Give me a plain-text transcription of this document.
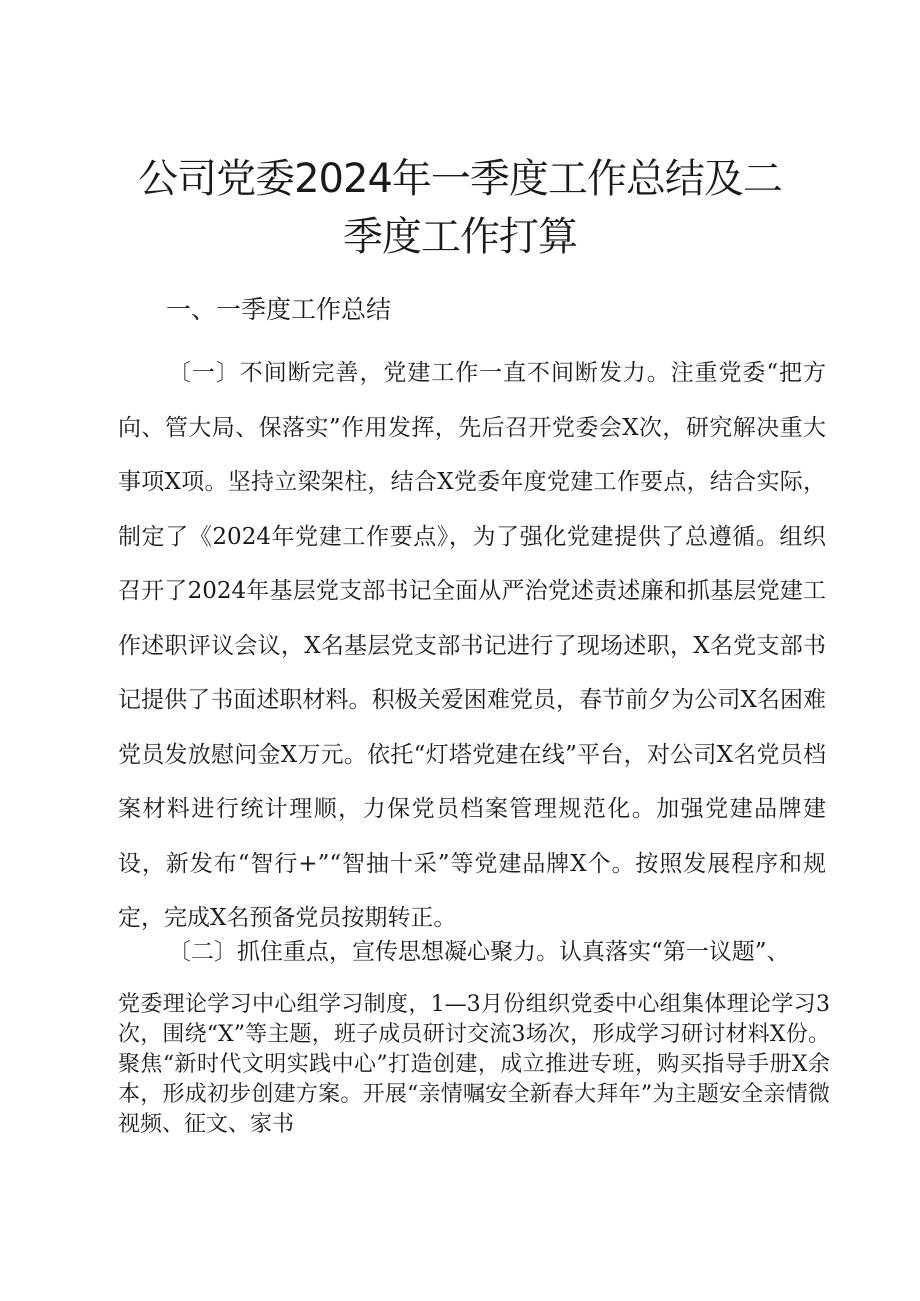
公司党委2024年一季度工作总结及二季度工作打算
一、一季度工作总结

〔一〕不间断完善，党建工作一直不间断发力。注重党委“把方向、管大局、保落实”作用发挥，先后召开党委会X次，研究解决重大事项X项。坚持立梁架柱，结合X党委年度党建工作要点，结合实际，制定了《2024年党建工作要点》，为了强化党建提供了总遵循。组织召开了2024年基层党支部书记全面从严治党述责述廉和抓基层党建工作述职评议会议，X名基层党支部书记进行了现场述职，X名党支部书记提供了书面述职材料。积极关爱困难党员，春节前夕为公司X名困难党员发放慰问金X万元。依托“灯塔党建在线”平台，对公司X名党员档案材料进行统计理顺，力保党员档案管理规范化。加强党建品牌建设，新发布“智行+”“智抽十采”等党建品牌X个。按照发展程序和规定，完成X名预备党员按期转正。

〔二〕抓住重点，宣传思想凝心聚力。认真落实“第一议题”、

党委理论学习中心组学习制度，1—3月份组织党委中心组集体理论学习3次，围绕“X”等主题，班子成员研讨交流3场次，形成学习研讨材料X份。聚焦“新时代文明实践中心”打造创建，成立推进专班，购买指导手册X余本，形成初步创建方案。开展“亲情嘱安全新春大拜年”为主题安全亲情微视频、征文、家书
